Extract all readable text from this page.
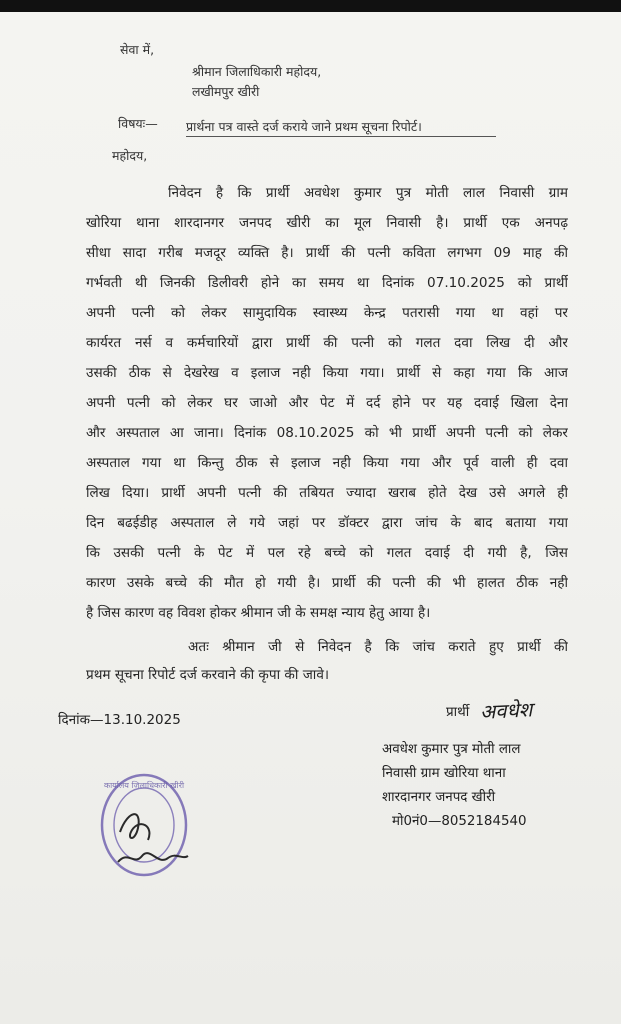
सेवा में,
श्रीमान जिलाधिकारी महोदय,
लखीमपुर खीरी
विषयः— प्रार्थना पत्र वास्ते दर्ज कराये जाने प्रथम सूचना रिपोर्ट।
महोदय,
निवेदन है कि प्रार्थी अवधेश कुमार पुत्र मोती लाल निवासी ग्राम
खोरिया थाना शारदानगर जनपद खीरी का मूल निवासी है। प्रार्थी एक अनपढ़
सीधा सादा गरीब मजदूर व्यक्ति है। प्रार्थी की पत्नी कविता लगभग 09 माह की
गर्भवती थी जिनकी डिलीवरी होने का समय था दिनांक 07.10.2025 को प्रार्थी
अपनी पत्नी को लेकर सामुदायिक स्वास्थ्य केन्द्र पतरासी गया था वहां पर
कार्यरत नर्स व कर्मचारियों द्वारा प्रार्थी की पत्नी को गलत दवा लिख दी और
उसकी ठीक से देखरेख व इलाज नही किया गया। प्रार्थी से कहा गया कि आज
अपनी पत्नी को लेकर घर जाओ और पेट में दर्द होने पर यह दवाई खिला देना
और अस्पताल आ जाना। दिनांक 08.10.2025 को भी प्रार्थी अपनी पत्नी को लेकर
अस्पताल गया था किन्तु ठीक से इलाज नही किया गया और पूर्व वाली ही दवा
लिख दिया। प्रार्थी अपनी पत्नी की तबियत ज्यादा खराब होते देख उसे अगले ही
दिन बढईडीह अस्पताल ले गये जहां पर डॉक्टर द्वारा जांच के बाद बताया गया
कि उसकी पत्नी के पेट में पल रहे बच्चे को गलत दवाई दी गयी है, जिस
कारण उसके बच्चे की मौत हो गयी है। प्रार्थी की पत्नी की भी हालत ठीक नही
है जिस कारण वह विवश होकर श्रीमान जी के समक्ष न्याय हेतु आया है।
अतः श्रीमान जी से निवेदन है कि जांच कराते हुए प्रार्थी की
प्रथम सूचना रिपोर्ट दर्ज करवाने की कृपा की जावे।
दिनांक—13.10.2025	प्रार्थी अवधेश
अवधेश कुमार पुत्र मोती लाल
निवासी ग्राम खोरिया थाना
शारदानगर जनपद खीरी
मो0नं0—8052184540
कार्यालय जिलाधिकारी खीरी
